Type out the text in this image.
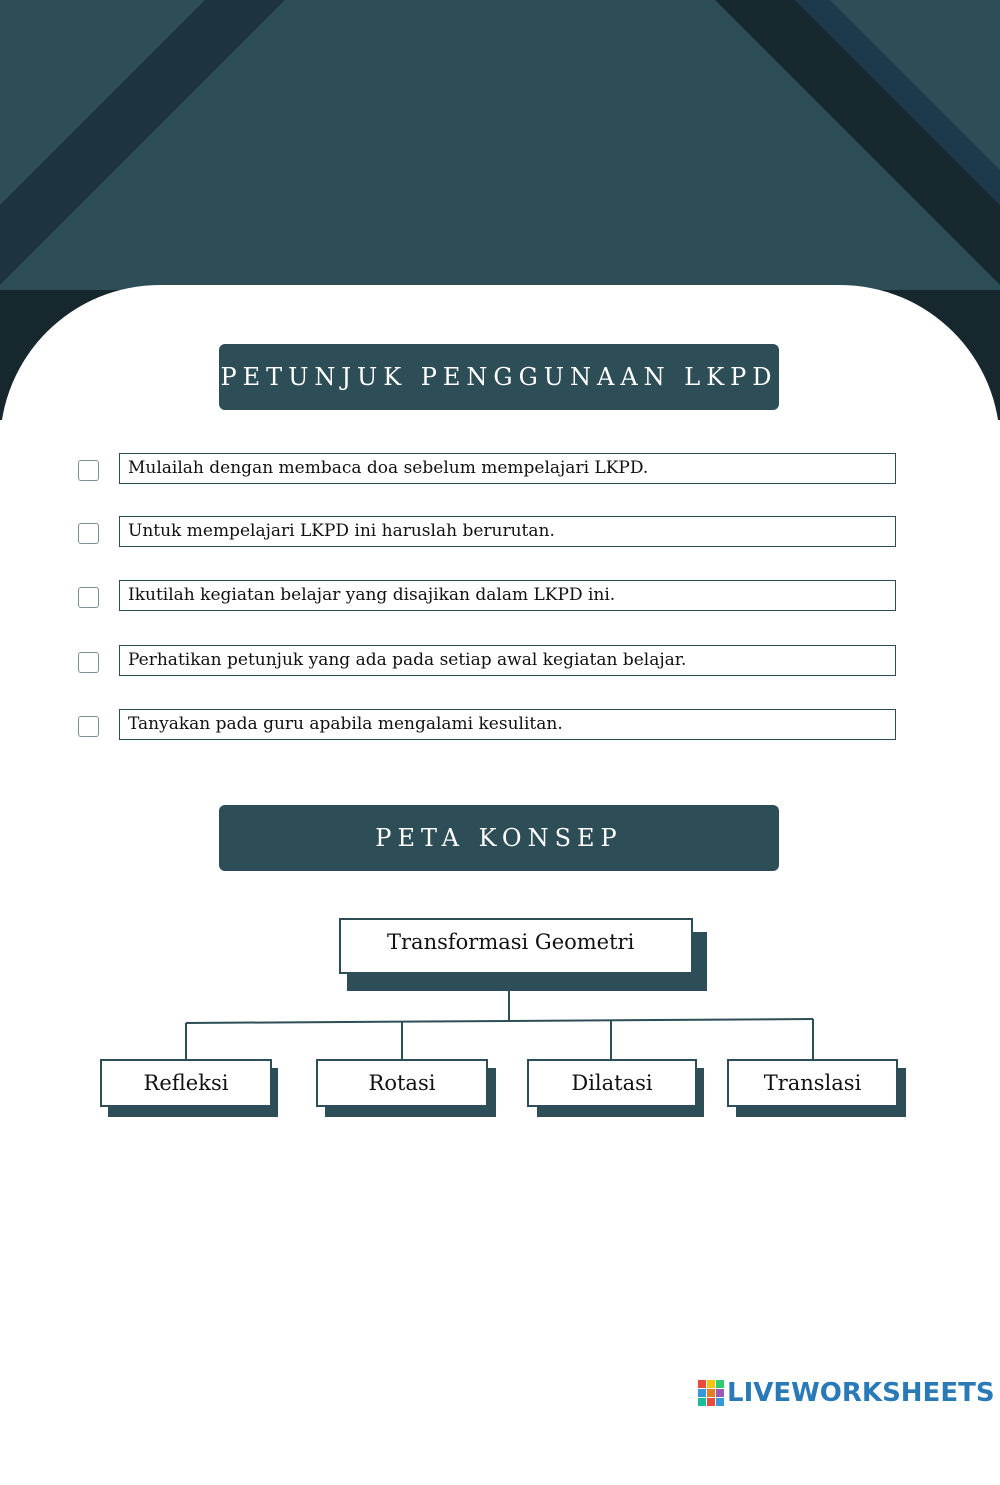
PETUNJUK PENGGUNAAN LKPD
Mulailah dengan membaca doa sebelum mempelajari LKPD.
Untuk mempelajari LKPD ini haruslah berurutan.
Ikutilah kegiatan belajar yang disajikan dalam LKPD ini.
Perhatikan petunjuk yang ada pada setiap awal kegiatan belajar.
Tanyakan pada guru apabila mengalami kesulitan.
PETA KONSEP
Transformasi Geometri
Refleksi	Rotasi	Dilatasi	Translasi
LIVEWORKSHEETS
